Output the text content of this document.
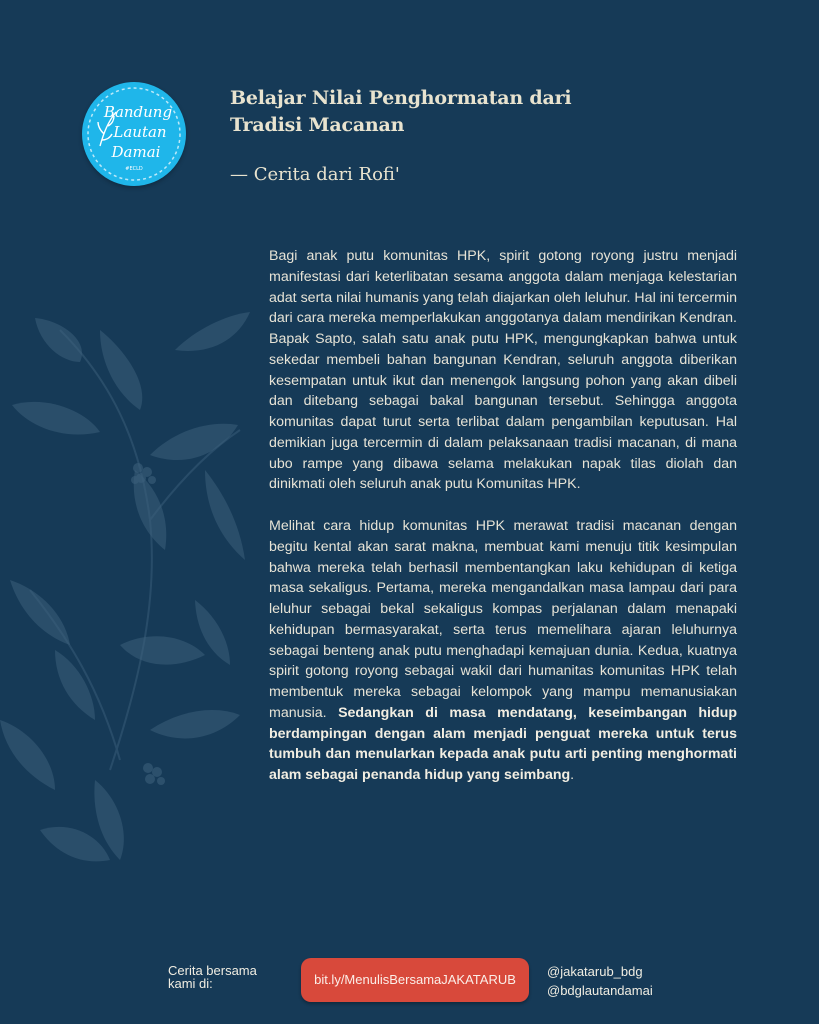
Bandung
Lautan
Damai
#ECLD
Belajar Nilai Penghormatan dari
Tradisi Macanan
— Cerita dari Rofi'

Bagi anak putu komunitas HPK, spirit gotong royong justru menjadi manifestasi dari keterlibatan sesama anggota dalam menjaga kelestarian adat serta nilai humanis yang telah diajarkan oleh leluhur. Hal ini tercermin dari cara mereka memperlakukan anggotanya dalam mendirikan Kendran. Bapak Sapto, salah satu anak putu HPK, mengungkapkan bahwa untuk sekedar membeli bahan bangunan Kendran, seluruh anggota diberikan kesempatan untuk ikut dan menengok langsung pohon yang akan dibeli dan ditebang sebagai bakal bangunan tersebut. Sehingga anggota komunitas dapat turut serta terlibat dalam pengambilan keputusan. Hal demikian juga tercermin di dalam pelaksanaan tradisi macanan, di mana ubo rampe yang dibawa selama melakukan napak tilas diolah dan dinikmati oleh seluruh anak putu Komunitas HPK.

Melihat cara hidup komunitas HPK merawat tradisi macanan dengan begitu kental akan sarat makna, membuat kami menuju titik kesimpulan bahwa mereka telah berhasil membentangkan laku kehidupan di ketiga masa sekaligus. Pertama, mereka mengandalkan masa lampau dari para leluhur sebagai bekal sekaligus kompas perjalanan dalam menapaki kehidupan bermasyarakat, serta terus memelihara ajaran leluhurnya sebagai benteng anak putu menghadapi kemajuan dunia. Kedua, kuatnya spirit gotong royong sebagai wakil dari humanitas komunitas HPK telah membentuk mereka sebagai kelompok yang mampu memanusiakan manusia. Sedangkan di masa mendatang, keseimbangan hidup berdampingan dengan alam menjadi penguat mereka untuk terus tumbuh dan menularkan kepada anak putu arti penting menghormati alam sebagai penanda hidup yang seimbang.

Cerita bersama
kami di:	bit.ly/MenulisBersamaJAKATARUB
@jakatarub_bdg
@bdglautandamai
